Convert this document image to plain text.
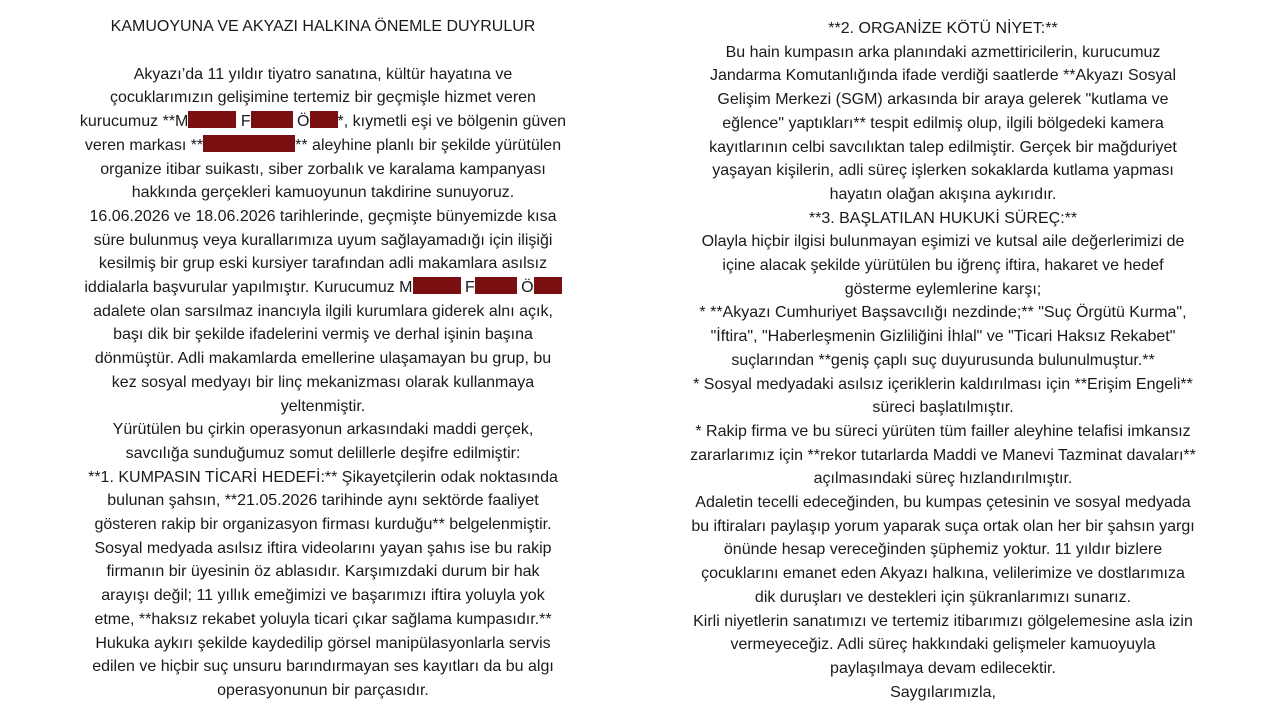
KAMUOYUNA VE AKYAZI HALKINA ÖNEMLE DUYRULUR
Akyazı’da 11 yıldır tiyatro sanatına, kültür hayatına ve
çocuklarımızın gelişimine tertemiz bir geçmişle hizmet veren
kurucumuz **M	F	Ö *, kıymetli eşi ve bölgenin güven
veren markası **	** aleyhine planlı bir şekilde yürütülen
organize itibar suikastı, siber zorbalık ve karalama kampanyası
hakkında gerçekleri kamuoyunun takdirine sunuyoruz.
16.06.2026 ve 18.06.2026 tarihlerinde, geçmişte bünyemizde kısa
süre bulunmuş veya kurallarımıza uyum sağlayamadığı için ilişiği
kesilmiş bir grup eski kursiyer tarafından adli makamlara asılsız
iddialarla başvurular yapılmıştır. Kurucumuz M	F	Ö
adalete olan sarsılmaz inancıyla ilgili kurumlara giderek alnı açık,
başı dik bir şekilde ifadelerini vermiş ve derhal işinin başına
dönmüştür. Adli makamlarda emellerine ulaşamayan bu grup, bu
kez sosyal medyayı bir linç mekanizması olarak kullanmaya
yeltenmiştir.
Yürütülen bu çirkin operasyonun arkasındaki maddi gerçek,
savcılığa sunduğumuz somut delillerle deşifre edilmiştir:
**1. KUMPASIN TİCARİ HEDEFİ:** Şikayetçilerin odak noktasında
bulunan şahsın, **21.05.2026 tarihinde aynı sektörde faaliyet
gösteren rakip bir organizasyon firması kurduğu** belgelenmiştir.
Sosyal medyada asılsız iftira videolarını yayan şahıs ise bu rakip
firmanın bir üyesinin öz ablasıdır. Karşımızdaki durum bir hak
arayışı değil; 11 yıllık emeğimizi ve başarımızı iftira yoluyla yok
etme, **haksız rekabet yoluyla ticari çıkar sağlama kumpasıdır.**
Hukuka aykırı şekilde kaydedilip görsel manipülasyonlarla servis
edilen ve hiçbir suç unsuru barındırmayan ses kayıtları da bu algı
operasyonunun bir parçasıdır.
**2. ORGANİZE KÖTÜ NİYET:**
Bu hain kumpasın arka planındaki azmettiricilerin, kurucumuz
Jandarma Komutanlığında ifade verdiği saatlerde **Akyazı Sosyal
Gelişim Merkezi (SGM) arkasında bir araya gelerek "kutlama ve
eğlence" yaptıkları** tespit edilmiş olup, ilgili bölgedeki kamera
kayıtlarının celbi savcılıktan talep edilmiştir. Gerçek bir mağduriyet
yaşayan kişilerin, adli süreç işlerken sokaklarda kutlama yapması
hayatın olağan akışına aykırıdır.
**3. BAŞLATILAN HUKUKİ SÜREÇ:**
Olayla hiçbir ilgisi bulunmayan eşimizi ve kutsal aile değerlerimizi de
içine alacak şekilde yürütülen bu iğrenç iftira, hakaret ve hedef
gösterme eylemlerine karşı;
* **Akyazı Cumhuriyet Başsavcılığı nezdinde;** "Suç Örgütü Kurma",
"İftira", "Haberleşmenin Gizliliğini İhlal" ve "Ticari Haksız Rekabet"
suçlarından **geniş çaplı suç duyurusunda bulunulmuştur.**
* Sosyal medyadaki asılsız içeriklerin kaldırılması için **Erişim Engeli**
süreci başlatılmıştır.
* Rakip firma ve bu süreci yürüten tüm failler aleyhine telafisi imkansız
zararlarımız için **rekor tutarlarda Maddi ve Manevi Tazminat davaları**
açılmasındaki süreç hızlandırılmıştır.
Adaletin tecelli edeceğinden, bu kumpas çetesinin ve sosyal medyada
bu iftiraları paylaşıp yorum yaparak suça ortak olan her bir şahsın yargı
önünde hesap vereceğinden şüphemiz yoktur. 11 yıldır bizlere
çocuklarını emanet eden Akyazı halkına, velilerimize ve dostlarımıza
dik duruşları ve destekleri için şükranlarımızı sunarız.
Kirli niyetlerin sanatımızı ve tertemiz itibarımızı gölgelemesine asla izin
vermeyeceğiz. Adli süreç hakkındaki gelişmeler kamuoyuyla
paylaşılmaya devam edilecektir.
Saygılarımızla,
